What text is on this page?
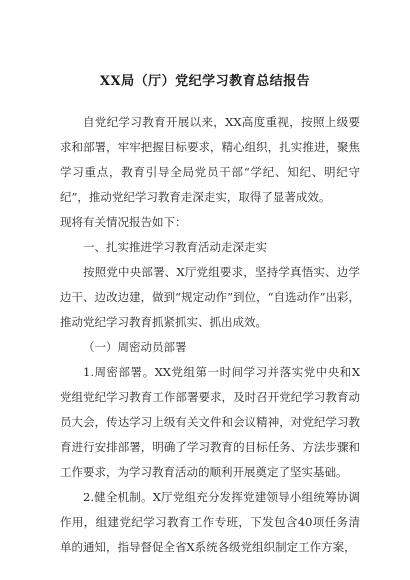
XX局（厅）党纪学习教育总结报告

自党纪学习教育开展以来，XX高度重视，按照上级要求和部署，牢牢把握目标要求，精心组织，扎实推进，聚焦学习重点，教育引导全局党员干部“学纪、知纪、明纪守纪”，推动党纪学习教育走深走实，取得了显著成效。

现将有关情况报告如下：

一、扎实推进学习教育活动走深走实

按照党中央部署、X厅党组要求，坚持学真悟实、边学边干、边改边建，做到“规定动作”到位，“自选动作”出彩，推动党纪学习教育抓紧抓实、抓出成效。

（一）周密动员部署

1.周密部署。XX党组第一时间学习并落实党中央和X党组党纪学习教育工作部署要求，及时召开党纪学习教育动员大会，传达学习上级有关文件和会议精神，对党纪学习教育进行安排部署，明确了学习教育的目标任务、方法步骤和工作要求，为学习教育活动的顺利开展奠定了坚实基础。

2.健全机制。X厅党组充分发挥党建领导小组统筹协调作用，组建党纪学习教育工作专班，下发包含40项任务清单的通知，指导督促全省X系统各级党组织制定工作方案，
